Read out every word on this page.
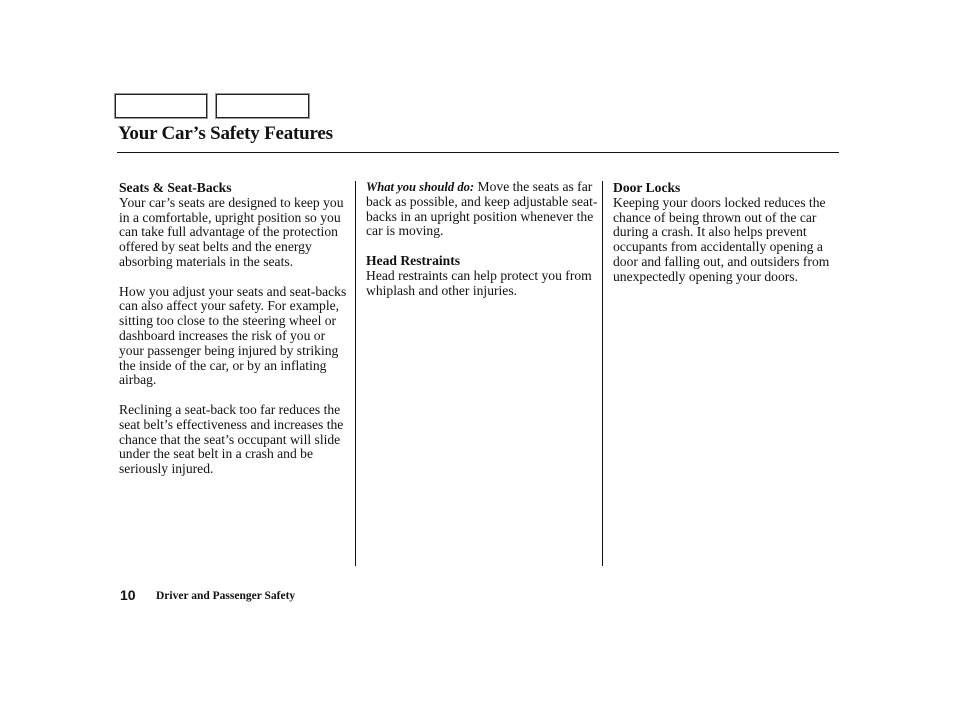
Your Car’s Safety Features
Seats & Seat-Backs

Your car’s seats are designed to keep you in a comfortable, upright position so you can take full advantage of the protection offered by seat belts and the energy absorbing materials in the seats.

How you adjust your seats and seat-backs can also affect your safety. For example, sitting too close to the steering wheel or dashboard increases the risk of you or your passenger being injured by striking the inside of the car, or by an inflating airbag.

Reclining a seat-back too far reduces the seat belt’s effectiveness and increases the chance that the seat’s occupant will slide under the seat belt in a crash and be seriously injured.

What you should do: Move the seats as far back as possible, and keep adjustable seat-backs in an upright position whenever the car is moving.

Head Restraints

Head restraints can help protect you from whiplash and other injuries.

Door Locks

Keeping your doors locked reduces the chance of being thrown out of the car during a crash. It also helps prevent occupants from accidentally opening a door and falling out, and outsiders from unexpectedly opening your doors.

10 Driver and Passenger Safety
